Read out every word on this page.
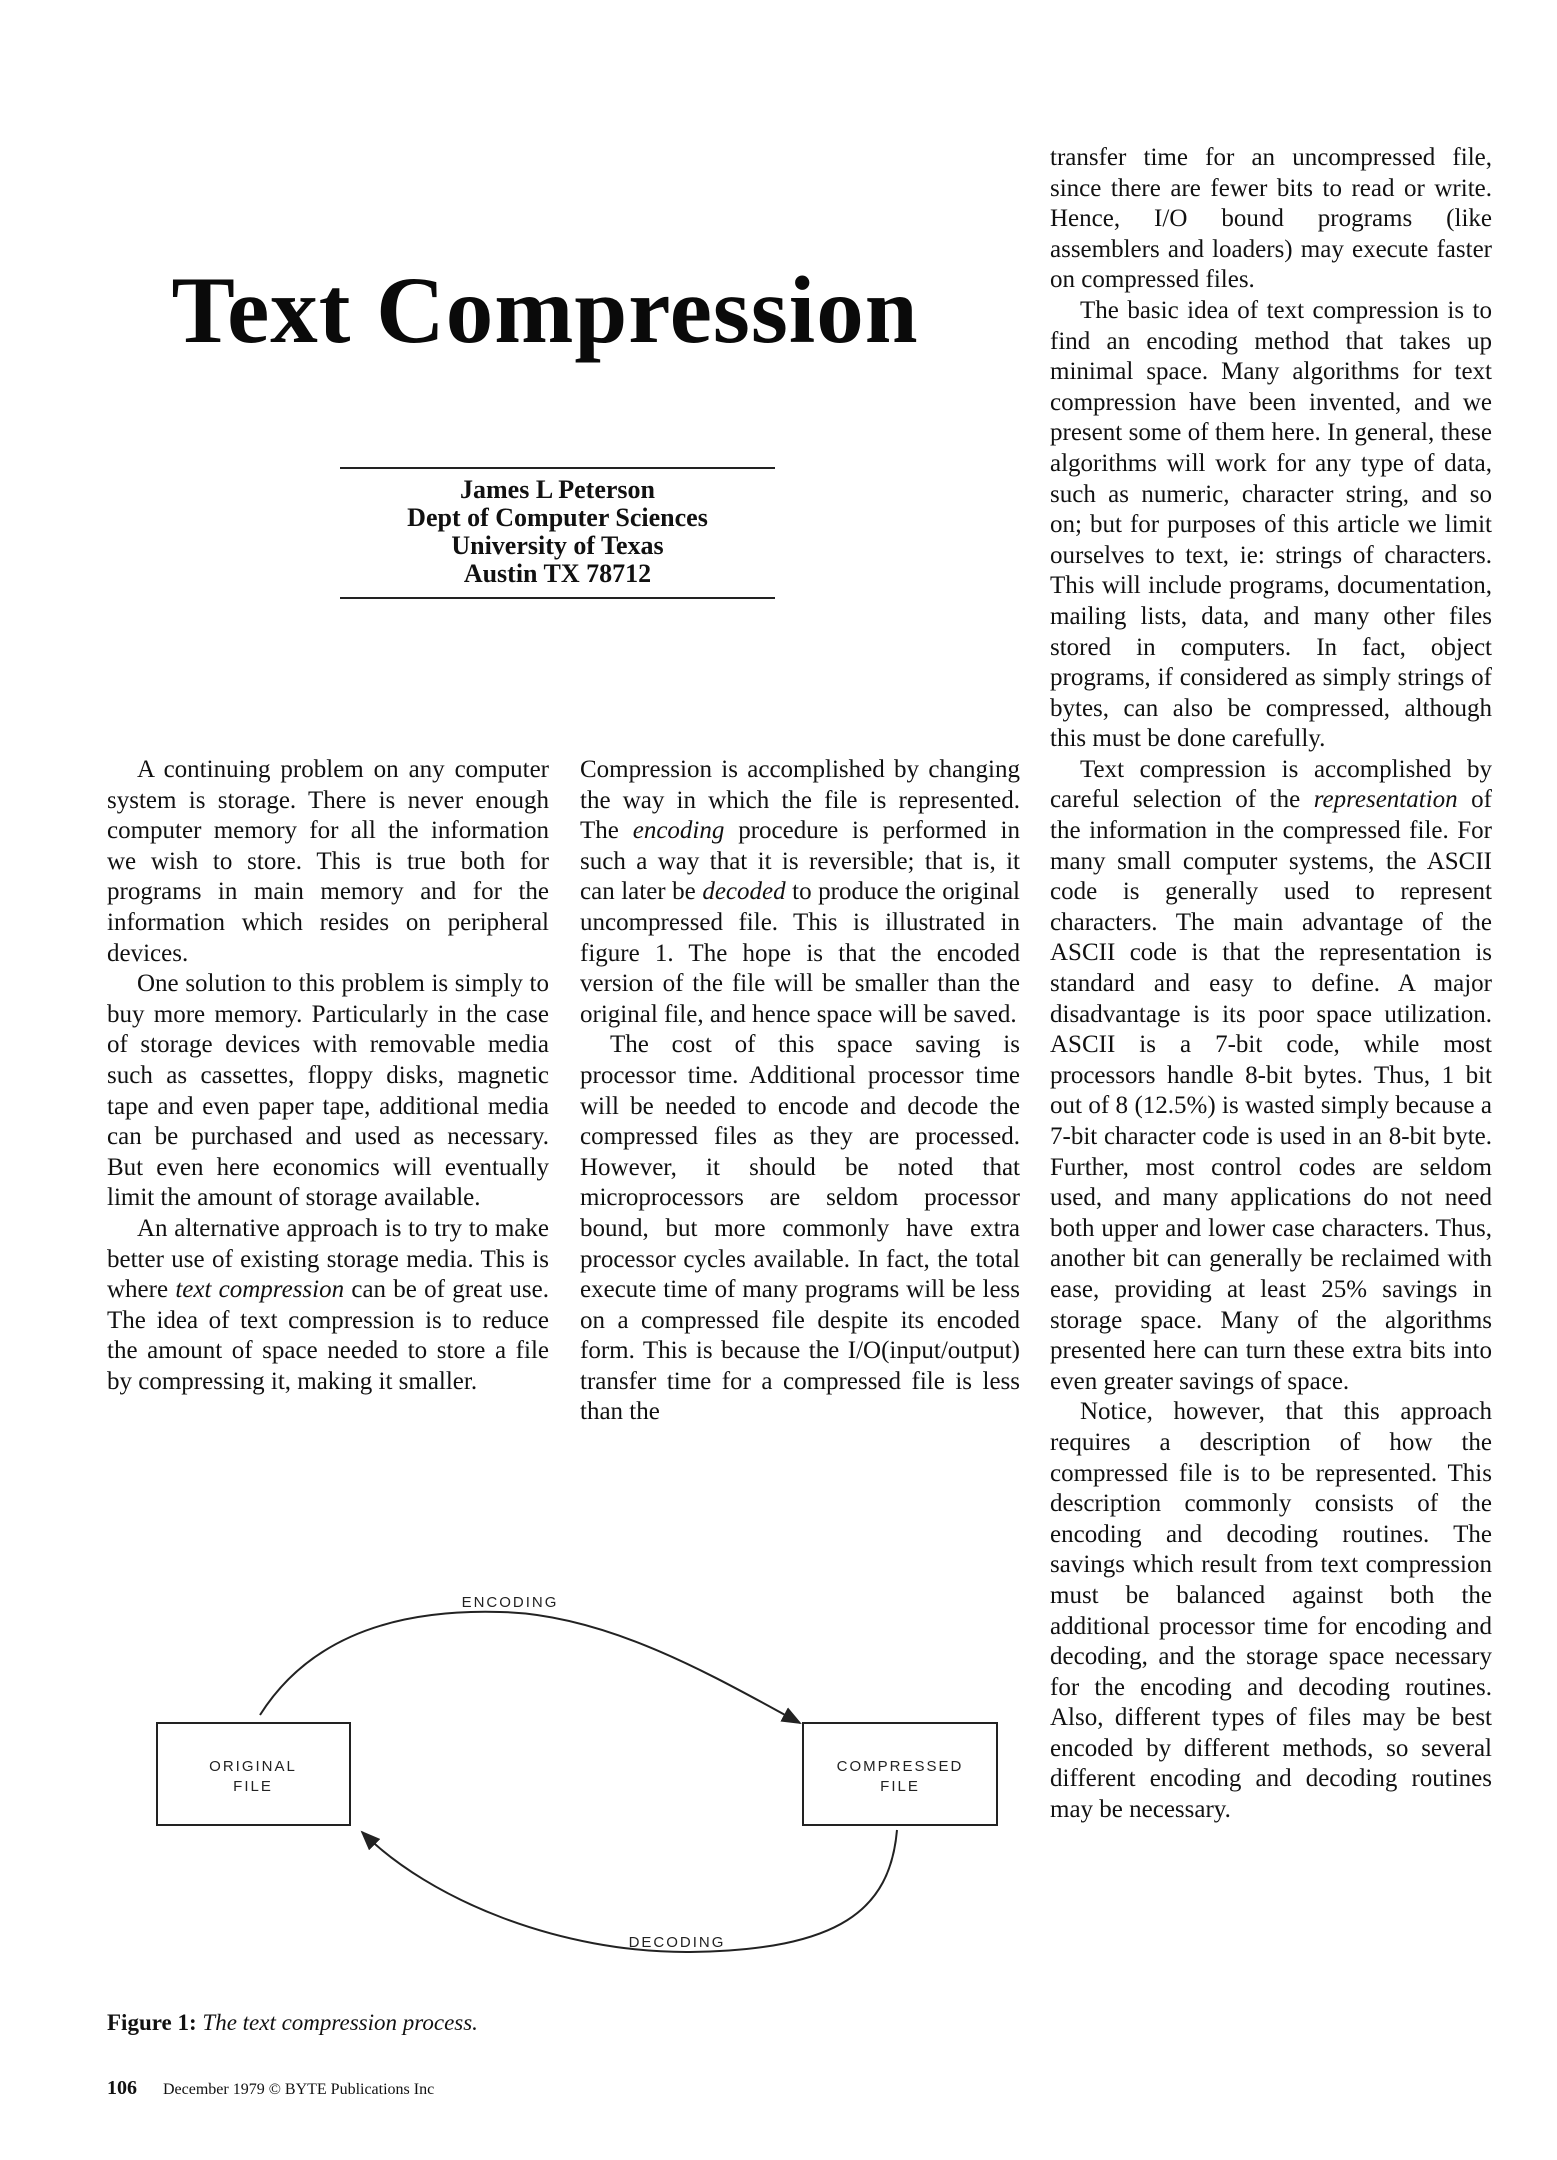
Text Compression
James L Peterson
Dept of Computer Sciences
University of Texas
Austin TX 78712

A continuing problem on any computer system is storage. There is never enough computer memory for all the information we wish to store. This is true both for programs in main memory and for the information which resides on peripheral devices.

One solution to this problem is simply to buy more memory. Particularly in the case of storage devices with removable media such as cassettes, floppy disks, magnetic tape and even paper tape, additional media can be purchased and used as necessary. But even here economics will eventually limit the amount of storage available.

An alternative approach is to try to make better use of existing storage media. This is where text compression can be of great use. The idea of text compression is to reduce the amount of space needed to store a file by compressing it, making it smaller.

Compression is accomplished by changing the way in which the file is represented. The encoding procedure is performed in such a way that it is reversible; that is, it can later be decoded to produce the original uncompressed file. This is illustrated in figure 1. The hope is that the encoded version of the file will be smaller than the original file, and hence space will be saved.

The cost of this space saving is processor time. Additional processor time will be needed to encode and decode the compressed files as they are processed. However, it should be noted that microprocessors are seldom processor bound, but more commonly have extra processor cycles available. In fact, the total execute time of many programs will be less on a compressed file despite its encoded form. This is because the I/O(input/output) transfer time for a compressed file is less than the

transfer time for an uncompressed file, since there are fewer bits to read or write. Hence, I/O bound programs (like assemblers and loaders) may execute faster on compressed files.

The basic idea of text compression is to find an encoding method that takes up minimal space. Many algorithms for text compression have been invented, and we present some of them here. In general, these algorithms will work for any type of data, such as numeric, character string, and so on; but for purposes of this article we limit ourselves to text, ie: strings of characters. This will include programs, documentation, mailing lists, data, and many other files stored in computers. In fact, object programs, if considered as simply strings of bytes, can also be compressed, although this must be done carefully.

Text compression is accomplished by careful selection of the representation of the information in the compressed file. For many small computer systems, the ASCII code is generally used to represent characters. The main advantage of the ASCII code is that the representation is standard and easy to define. A major disadvantage is its poor space utilization. ASCII is a 7-bit code, while most processors handle 8-bit bytes. Thus, 1 bit out of 8 (12.5%) is wasted simply because a 7-bit character code is used in an 8-bit byte. Further, most control codes are seldom used, and many applications do not need both upper and lower case characters. Thus, another bit can generally be reclaimed with ease, providing at least 25% savings in storage space. Many of the algorithms presented here can turn these extra bits into even greater savings of space.

Notice, however, that this approach requires a description of how the compressed file is to be represented. This description commonly consists of the encoding and decoding routines. The savings which result from text compression must be balanced against both the additional processor time for encoding and decoding, and the storage space necessary for the encoding and decoding routines. Also, different types of files may be best encoded by different methods, so several different encoding and decoding routines may be necessary.

ORIGINAL
FILE
COMPRESSED
FILE
ENCODING
DECODING
Figure 1: The text compression process.
106 December 1979 © BYTE Publications Inc
